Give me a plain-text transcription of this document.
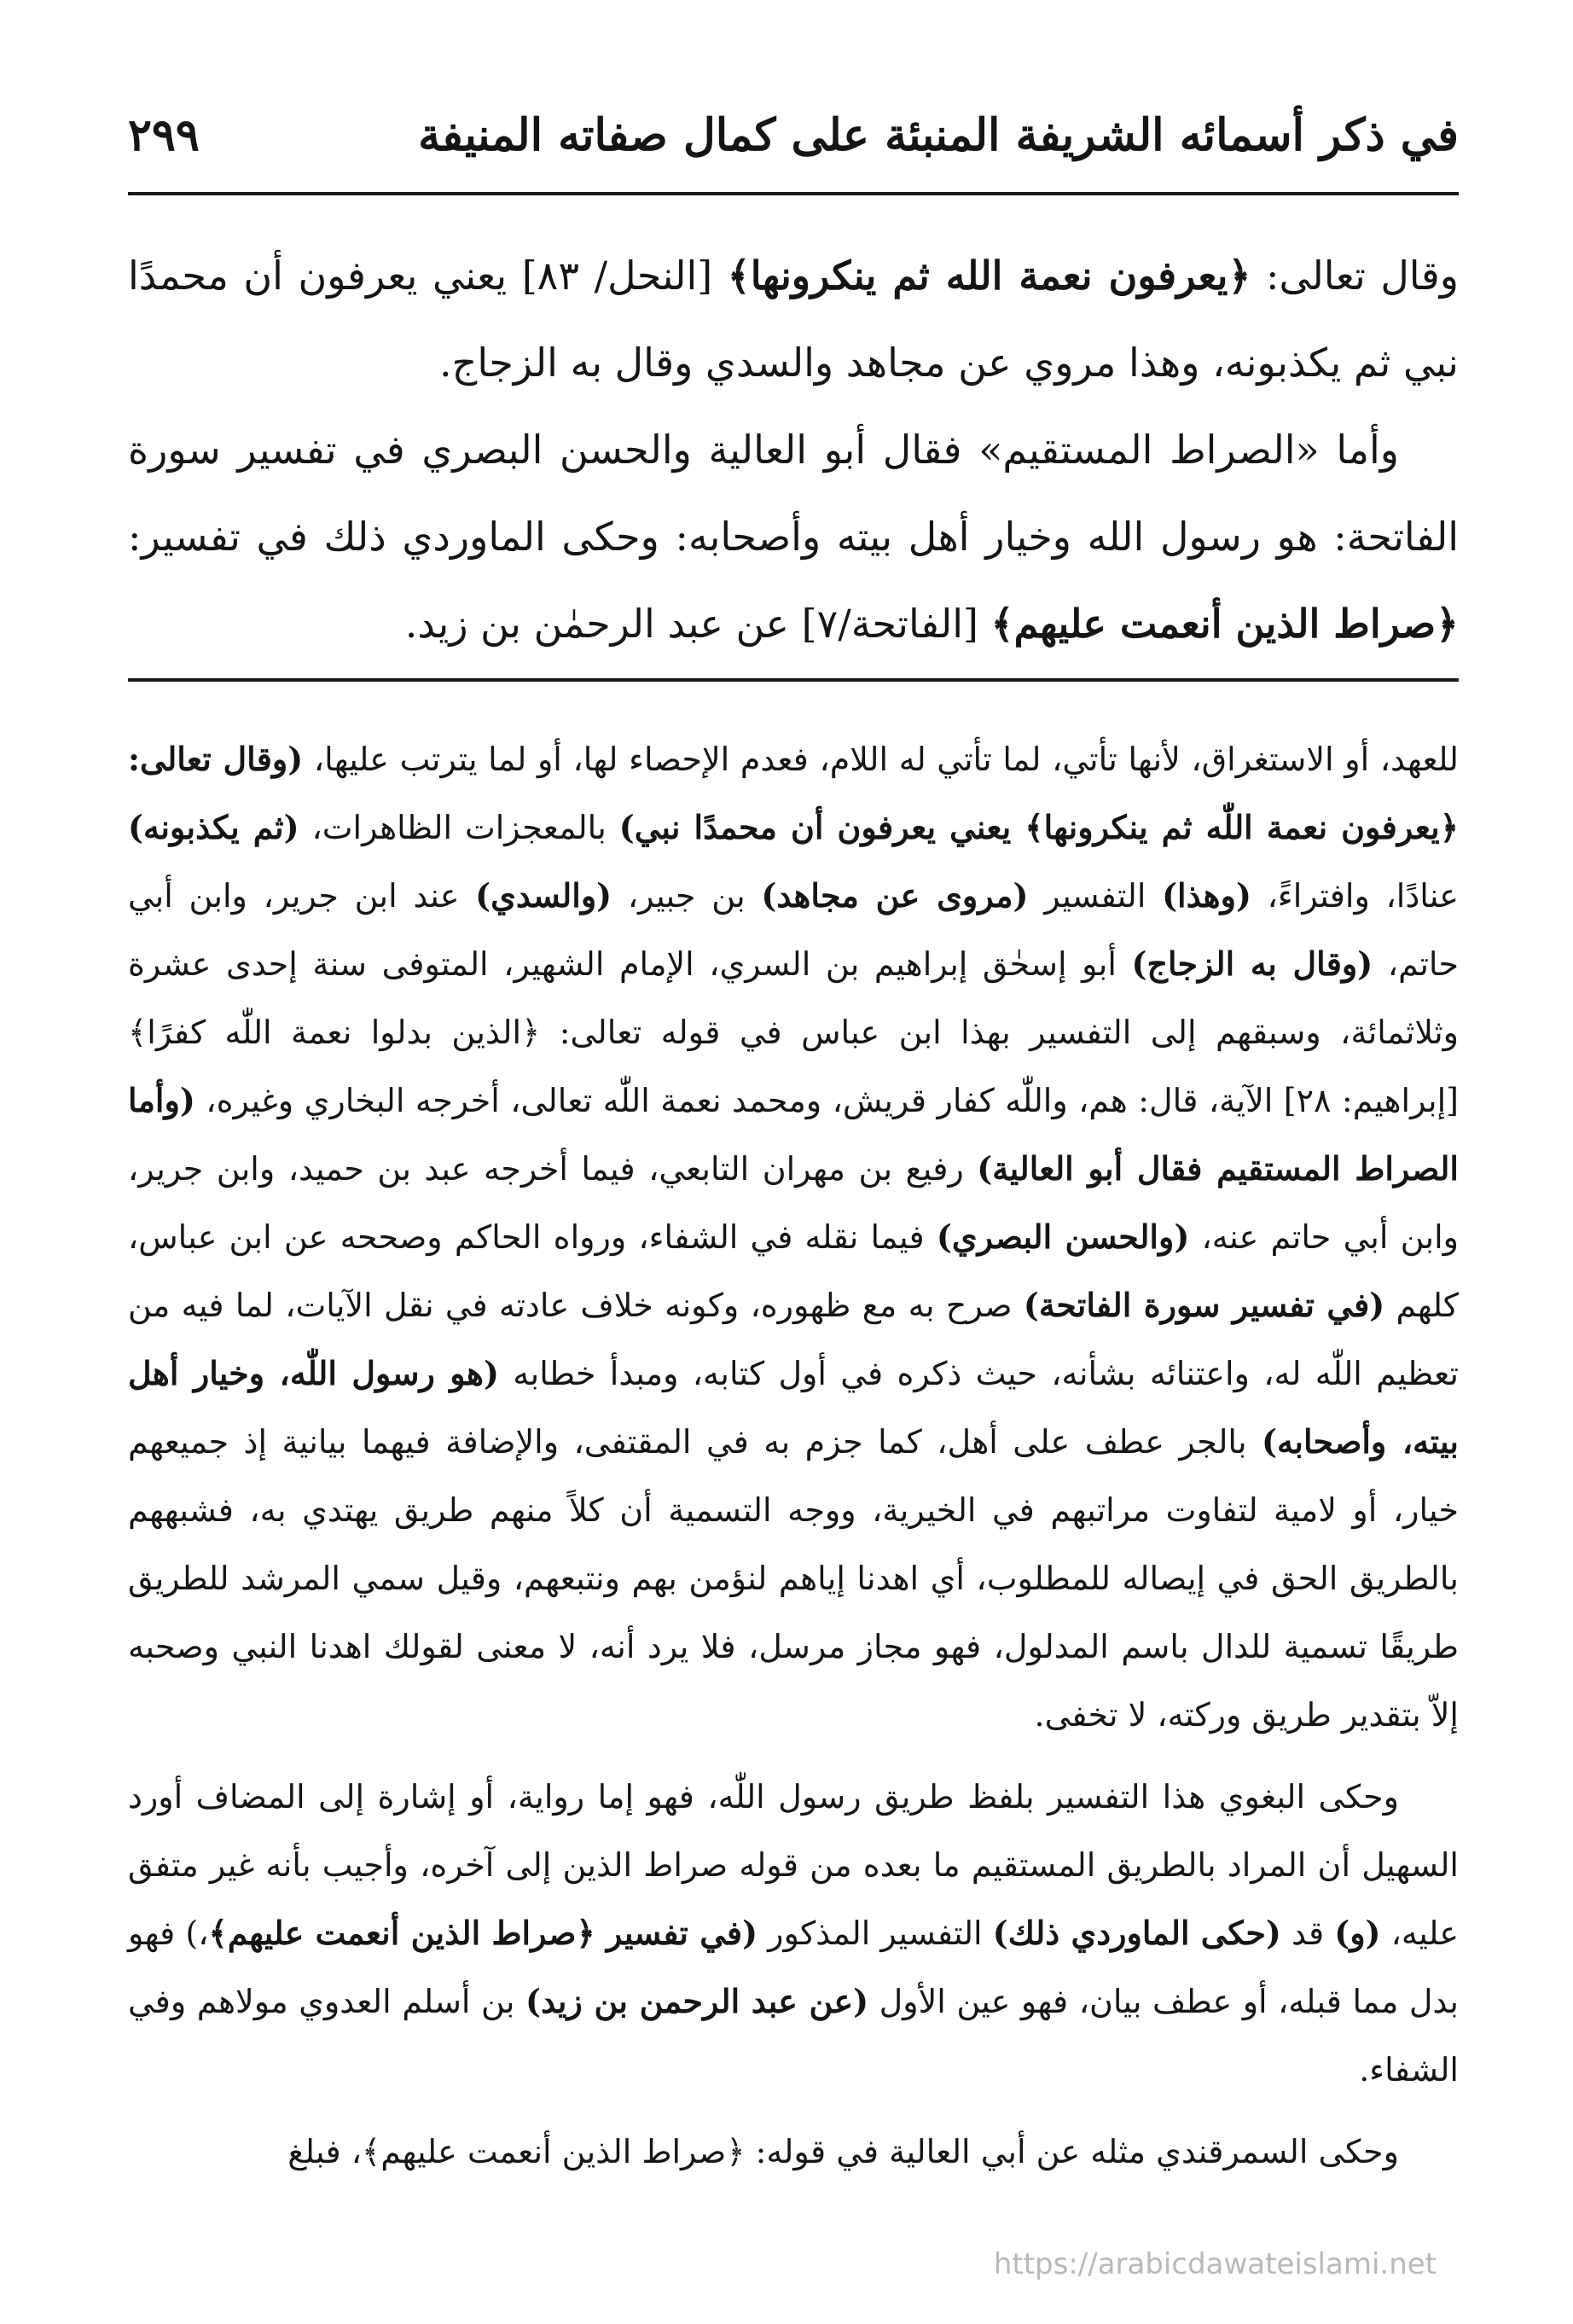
في ذكر أسمائه الشريفة المنبئة على كمال صفاته المنيفة
٢٩٩

وقال تعالى: ﴿يعرفون نعمة الله ثم ينكرونها﴾ [النحل/ ٨٣] يعني يعرفون أن محمدًا نبي ثم يكذبونه، وهذا مروي عن مجاهد والسدي وقال به الزجاج.

وأما «الصراط المستقيم» فقال أبو العالية والحسن البصري في تفسير سورة الفاتحة: هو رسول الله وخيار أهل بيته وأصحابه: وحكى الماوردي ذلك في تفسير: ﴿صراط الذين أنعمت عليهم﴾ [الفاتحة/٧] عن عبد الرحمٰن بن زيد.

للعهد، أو الاستغراق، لأنها تأتي، لما تأتي له اللام، فعدم الإحصاء لها، أو لما يترتب عليها، (وقال تعالى: ﴿يعرفون نعمة اللّٰه ثم ينكرونها﴾ يعني يعرفون أن محمدًا نبي) بالمعجزات الظاهرات، (ثم يكذبونه) عنادًا، وافتراءً، (وهذا) التفسير (مروى عن مجاهد) بن جبير، (والسدي) عند ابن جرير، وابن أبي حاتم، (وقال به الزجاج) أبو إسحٰق إبراهيم بن السري، الإمام الشهير، المتوفى سنة إحدى عشرة وثلاثمائة، وسبقهم إلى التفسير بهذا ابن عباس في قوله تعالى: ﴿الذين بدلوا نعمة اللّٰه كفرًا﴾ [إبراهيم: ٢٨] الآية، قال: هم، واللّٰه كفار قريش، ومحمد نعمة اللّٰه تعالى، أخرجه البخاري وغيره، (وأما الصراط المستقيم فقال أبو العالية) رفيع بن مهران التابعي، فيما أخرجه عبد بن حميد، وابن جرير، وابن أبي حاتم عنه، (والحسن البصري) فيما نقله في الشفاء، ورواه الحاكم وصححه عن ابن عباس، كلهم (في تفسير سورة الفاتحة) صرح به مع ظهوره، وكونه خلاف عادته في نقل الآيات، لما فيه من تعظيم اللّٰه له، واعتنائه بشأنه، حيث ذكره في أول كتابه، ومبدأ خطابه (هو رسول اللّٰه، وخيار أهل بيته، وأصحابه) بالجر عطف على أهل، كما جزم به في المقتفى، والإضافة فيهما بيانية إذ جميعهم خيار، أو لامية لتفاوت مراتبهم في الخيرية، ووجه التسمية أن كلاً منهم طريق يهتدي به، فشبههم بالطريق الحق في إيصاله للمطلوب، أي اهدنا إياهم لنؤمن بهم ونتبعهم، وقيل سمي المرشد للطريق طريقًا تسمية للدال باسم المدلول، فهو مجاز مرسل، فلا يرد أنه، لا معنى لقولك اهدنا النبي وصحبه إلاّ بتقدير طريق وركته، لا تخفى.

وحكى البغوي هذا التفسير بلفظ طريق رسول اللّٰه، فهو إما رواية، أو إشارة إلى المضاف أورد السهيل أن المراد بالطريق المستقيم ما بعده من قوله صراط الذين إلى آخره، وأجيب بأنه غير متفق عليه، (و) قد (حكى الماوردي ذلك) التفسير المذكور (في تفسير ﴿صراط الذين أنعمت عليهم﴾،) فهو بدل مما قبله، أو عطف بيان، فهو عين الأول (عن عبد الرحمن بن زيد) بن أسلم العدوي مولاهم وفي الشفاء.

وحكى السمرقندي مثله عن أبي العالية في قوله: ﴿صراط الذين أنعمت عليهم﴾، فبلغ

https://arabicdawateislami.net
